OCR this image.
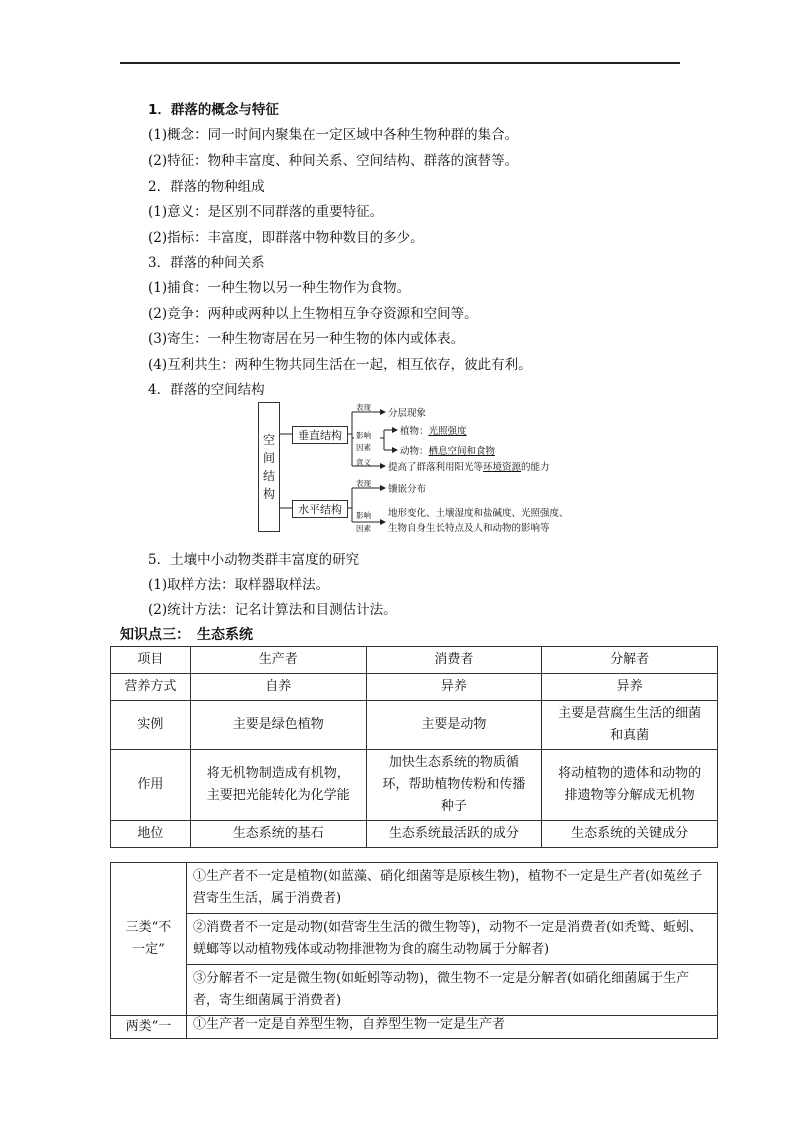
1．群落的概念与特征
(1)概念：同一时间内聚集在一定区域中各种生物种群的集合。
(2)特征：物种丰富度、种间关系、空间结构、群落的演替等。
2．群落的物种组成
(1)意义：是区别不同群落的重要特征。
(2)指标：丰富度，即群落中物种数目的多少。
3．群落的种间关系
(1)捕食：一种生物以另一种生物作为食物。
(2)竞争：两种或两种以上生物相互争夺资源和空间等。
(3)寄生：一种生物寄居在另一种生物的体内或体表。
(4)互利共生：两种生物共同生活在一起，相互依存，彼此有利。
4．群落的空间结构
空
间
结
构
垂直结构
水平结构
表现
分层现象
影响
因素
植物：光照强度
动物：栖息空间和食物
意义 提高了群落利用阳光等环境资源的能力
表现
镶嵌分布
影响
因素
地形变化、土壤湿度和盐碱度、光照强度、
生物自身生长特点及人和动物的影响等
5．土壤中小动物类群丰富度的研究
(1)取样方法：取样器取样法。
(2)统计方法：记名计算法和目测估计法。
知识点三：　生态系统
项目	生产者	消费者	分解者
营养方式	自养	异养	异养
实例	主要是绿色植物	主要是动物	主要是营腐生生活的细菌和真菌
作用	将无机物制造成有机物，主要把光能转化为化学能	加快生态系统的物质循环，帮助植物传粉和传播种子	将动植物的遗体和动物的排遗物等分解成无机物
地位	生态系统的基石	生态系统最活跃的成分	生态系统的关键成分
三类“不一定”	①生产者不一定是植物(如蓝藻、硝化细菌等是原核生物)，植物不一定是生产者(如菟丝子营寄生生活，属于消费者)
	②消费者不一定是动物(如营寄生生活的微生物等)，动物不一定是消费者(如秃鹫、蚯蚓、蜣螂等以动植物残体或动物排泄物为食的腐生动物属于分解者)
	③分解者不一定是微生物(如蚯蚓等动物)，微生物不一定是分解者(如硝化细菌属于生产者，寄生细菌属于消费者)
两类“一	①生产者一定是自养型生物，自养型生物一定是生产者
